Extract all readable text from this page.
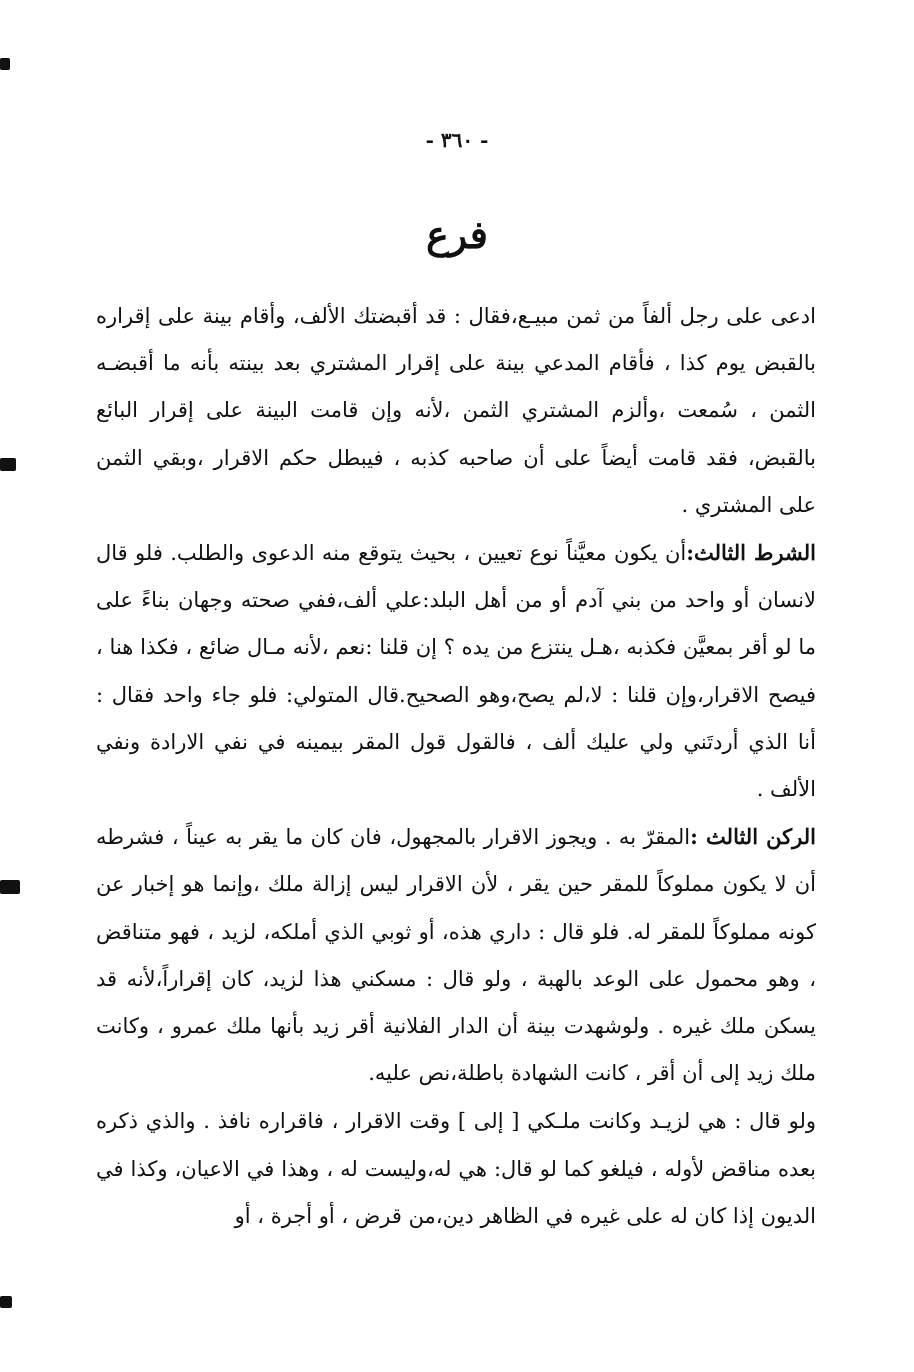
- ٣٦٠ -
فرع

ادعى على رجل ألفاً من ثمن مبيـع،فقال : قد أقبضتك الألف، وأقام بينة على إقراره بالقبض يوم كذا ، فأقام المدعي بينة على إقرار المشتري بعد بينته بأنه ما أقبضـه الثمن ، سُمعت ،وألزم المشتري الثمن ،لأنه وإن قامت البينة على إقرار البائع بالقبض، فقد قامت أيضاً على أن صاحبه كذبه ، فيبطل حكم الاقرار ،وبقي الثمن على المشتري .

الشرط الثالث:أن يكون معيَّناً نوع تعيين ، بحيث يتوقع منه الدعوى والطلب. فلو قال لانسان أو واحد من بني آدم أو من أهل البلد:علي ألف،ففي صحته وجهان بناءً على ما لو أقر بمعيَّن فكذبه ،هـل ينتزع من يده ؟ إن قلنا :نعم ،لأنه مـال ضائع ، فكذا هنا ، فيصح الاقرار،وإن قلنا : لا،لم يصح،وهو الصحيح.قال المتولي: فلو جاء واحد فقال : أنا الذي أردتَني ولي عليك ألف ، فالقول قول المقر بيمينه في نفي الارادة ونفي الألف .

الركن الثالث :المقرّ به . ويجوز الاقرار بالمجهول، فان كان ما يقر به عيناً ، فشرطه أن لا يكون مملوكاً للمقر حين يقر ، لأن الاقرار ليس إزالة ملك ،وإنما هو إخبار عن كونه مملوكاً للمقر له. فلو قال : داري هذه، أو ثوبي الذي أملكه، لزيد ، فهو متناقض ، وهو محمول على الوعد بالهبة ، ولو قال : مسكني هذا لزيد، كان إقراراً،لأنه قد يسكن ملك غيره . ولوشهدت بينة أن الدار الفلانية أقر زيد بأنها ملك عمرو ، وكانت ملك زيد إلى أن أقر ، كانت الشهادة باطلة،نص عليه.

ولو قال : هي لزيـد وكانت ملـكي [ إلى ] وقت الاقرار ، فاقراره نافذ . والذي ذكره بعده مناقض لأوله ، فيلغو كما لو قال: هي له،وليست له ، وهذا في الاعيان، وكذا في الديون إذا كان له على غيره في الظاهر دين،من قرض ، أو أجرة ، أو
